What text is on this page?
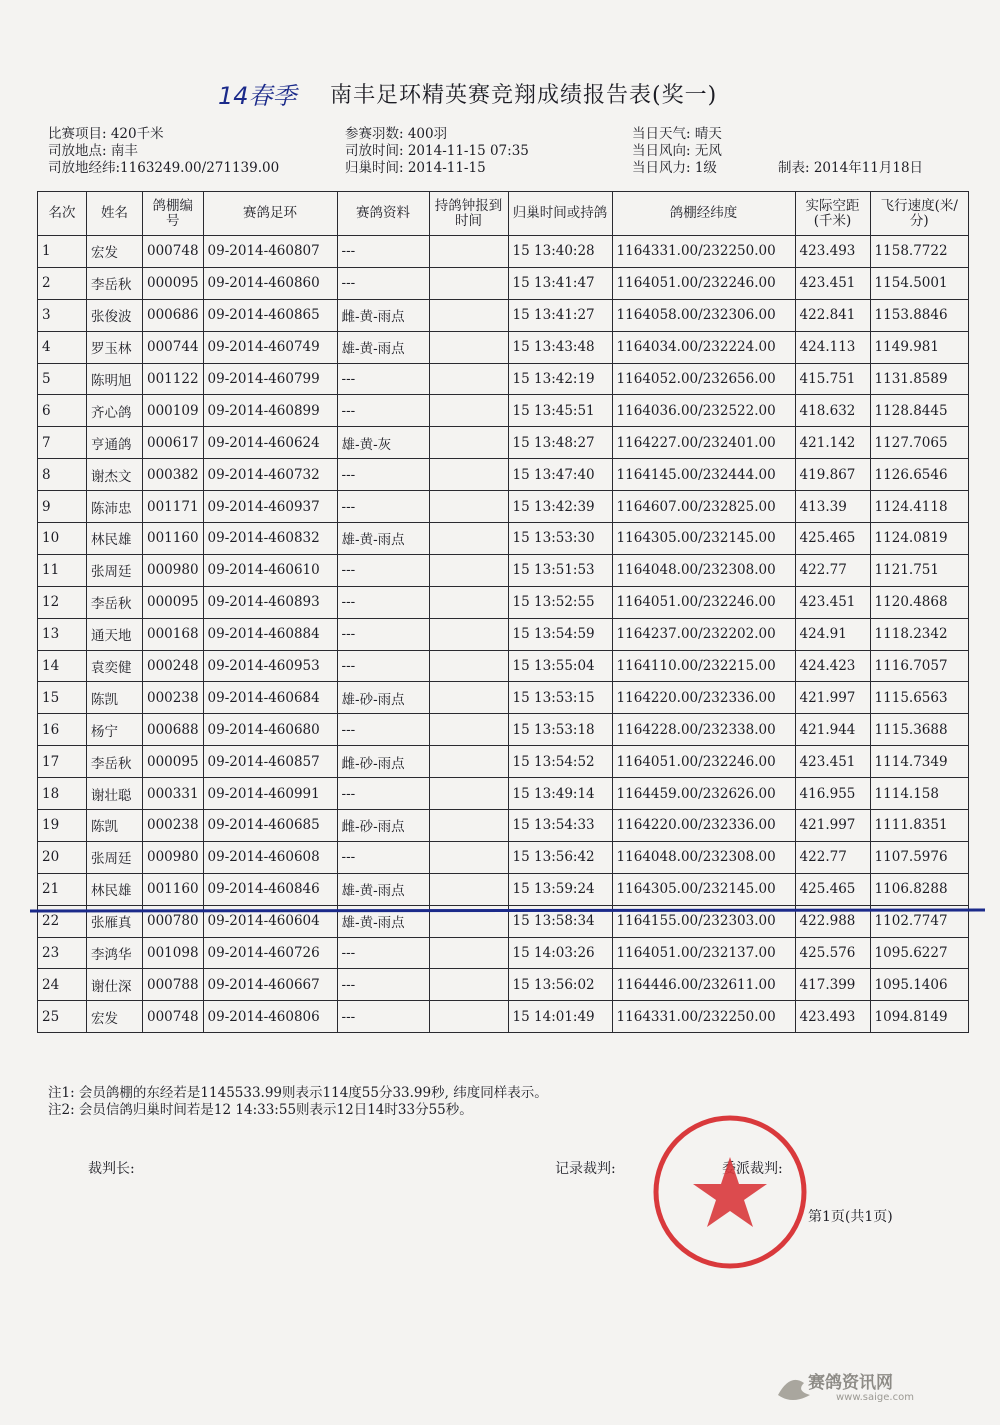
14春季 南丰足环精英赛竞翔成绩报告表(奖一)
比赛项目: 420千米
司放地点: 南丰
司放地经纬:1163249.00/271139.00
参赛羽数: 400羽
司放时间: 2014-11-15 07:35
归巢时间: 2014-11-15
当日天气: 晴天
当日风向: 无风
当日风力: 1级	制表: 2014年11月18日
名次	姓名	鸽棚编号	赛鸽足环	赛鸽资料	持鸽钟报到时间	归巢时间或持鸽	鸽棚经纬度	实际空距(千米)	飞行速度(米/分)
1	宏发	000748	09-2014-460807	---		15 13:40:28	1164331.00/232250.00	423.493	1158.7722
2	李岳秋	000095	09-2014-460860	---		15 13:41:47	1164051.00/232246.00	423.451	1154.5001
3	张俊波	000686	09-2014-460865	雌-黄-雨点		15 13:41:27	1164058.00/232306.00	422.841	1153.8846
4	罗玉林	000744	09-2014-460749	雄-黄-雨点		15 13:43:48	1164034.00/232224.00	424.113	1149.981
5	陈明旭	001122	09-2014-460799	---		15 13:42:19	1164052.00/232656.00	415.751	1131.8589
6	齐心鸽	000109	09-2014-460899	---		15 13:45:51	1164036.00/232522.00	418.632	1128.8445
7	亨通鸽	000617	09-2014-460624	雄-黄-灰		15 13:48:27	1164227.00/232401.00	421.142	1127.7065
8	谢杰文	000382	09-2014-460732	---		15 13:47:40	1164145.00/232444.00	419.867	1126.6546
9	陈沛忠	001171	09-2014-460937	---		15 13:42:39	1164607.00/232825.00	413.39	1124.4118
10	林民雄	001160	09-2014-460832	雄-黄-雨点		15 13:53:30	1164305.00/232145.00	425.465	1124.0819
11	张周廷	000980	09-2014-460610	---		15 13:51:53	1164048.00/232308.00	422.77	1121.751
12	李岳秋	000095	09-2014-460893	---		15 13:52:55	1164051.00/232246.00	423.451	1120.4868
13	通天地	000168	09-2014-460884	---		15 13:54:59	1164237.00/232202.00	424.91	1118.2342
14	袁奕健	000248	09-2014-460953	---		15 13:55:04	1164110.00/232215.00	424.423	1116.7057
15	陈凯	000238	09-2014-460684	雄-砂-雨点		15 13:53:15	1164220.00/232336.00	421.997	1115.6563
16	杨宁	000688	09-2014-460680	---		15 13:53:18	1164228.00/232338.00	421.944	1115.3688
17	李岳秋	000095	09-2014-460857	雌-砂-雨点		15 13:54:52	1164051.00/232246.00	423.451	1114.7349
18	谢壮聪	000331	09-2014-460991	---		15 13:49:14	1164459.00/232626.00	416.955	1114.158
19	陈凯	000238	09-2014-460685	雌-砂-雨点		15 13:54:33	1164220.00/232336.00	421.997	1111.8351
20	张周廷	000980	09-2014-460608	---		15 13:56:42	1164048.00/232308.00	422.77	1107.5976
21	林民雄	001160	09-2014-460846	雄-黄-雨点		15 13:59:24	1164305.00/232145.00	425.465	1106.8288
22	张雁真	000780	09-2014-460604	雄-黄-雨点		15 13:58:34	1164155.00/232303.00	422.988	1102.7747
23	李鸿华	001098	09-2014-460726	---		15 14:03:26	1164051.00/232137.00	425.576	1095.6227
24	谢仕深	000788	09-2014-460667	---		15 13:56:02	1164446.00/232611.00	417.399	1095.1406
25	宏发	000748	09-2014-460806	---		15 14:01:49	1164331.00/232250.00	423.493	1094.8149
注1: 会员鸽棚的东经若是1145533.99则表示114度55分33.99秒, 纬度同样表示。
注2: 会员信鸽归巢时间若是12 14:33:55则表示12日14时33分55秒。
裁判长:	记录裁判:	委派裁判:
第1页(共1页)
赛鸽资讯网
www.saige.com
